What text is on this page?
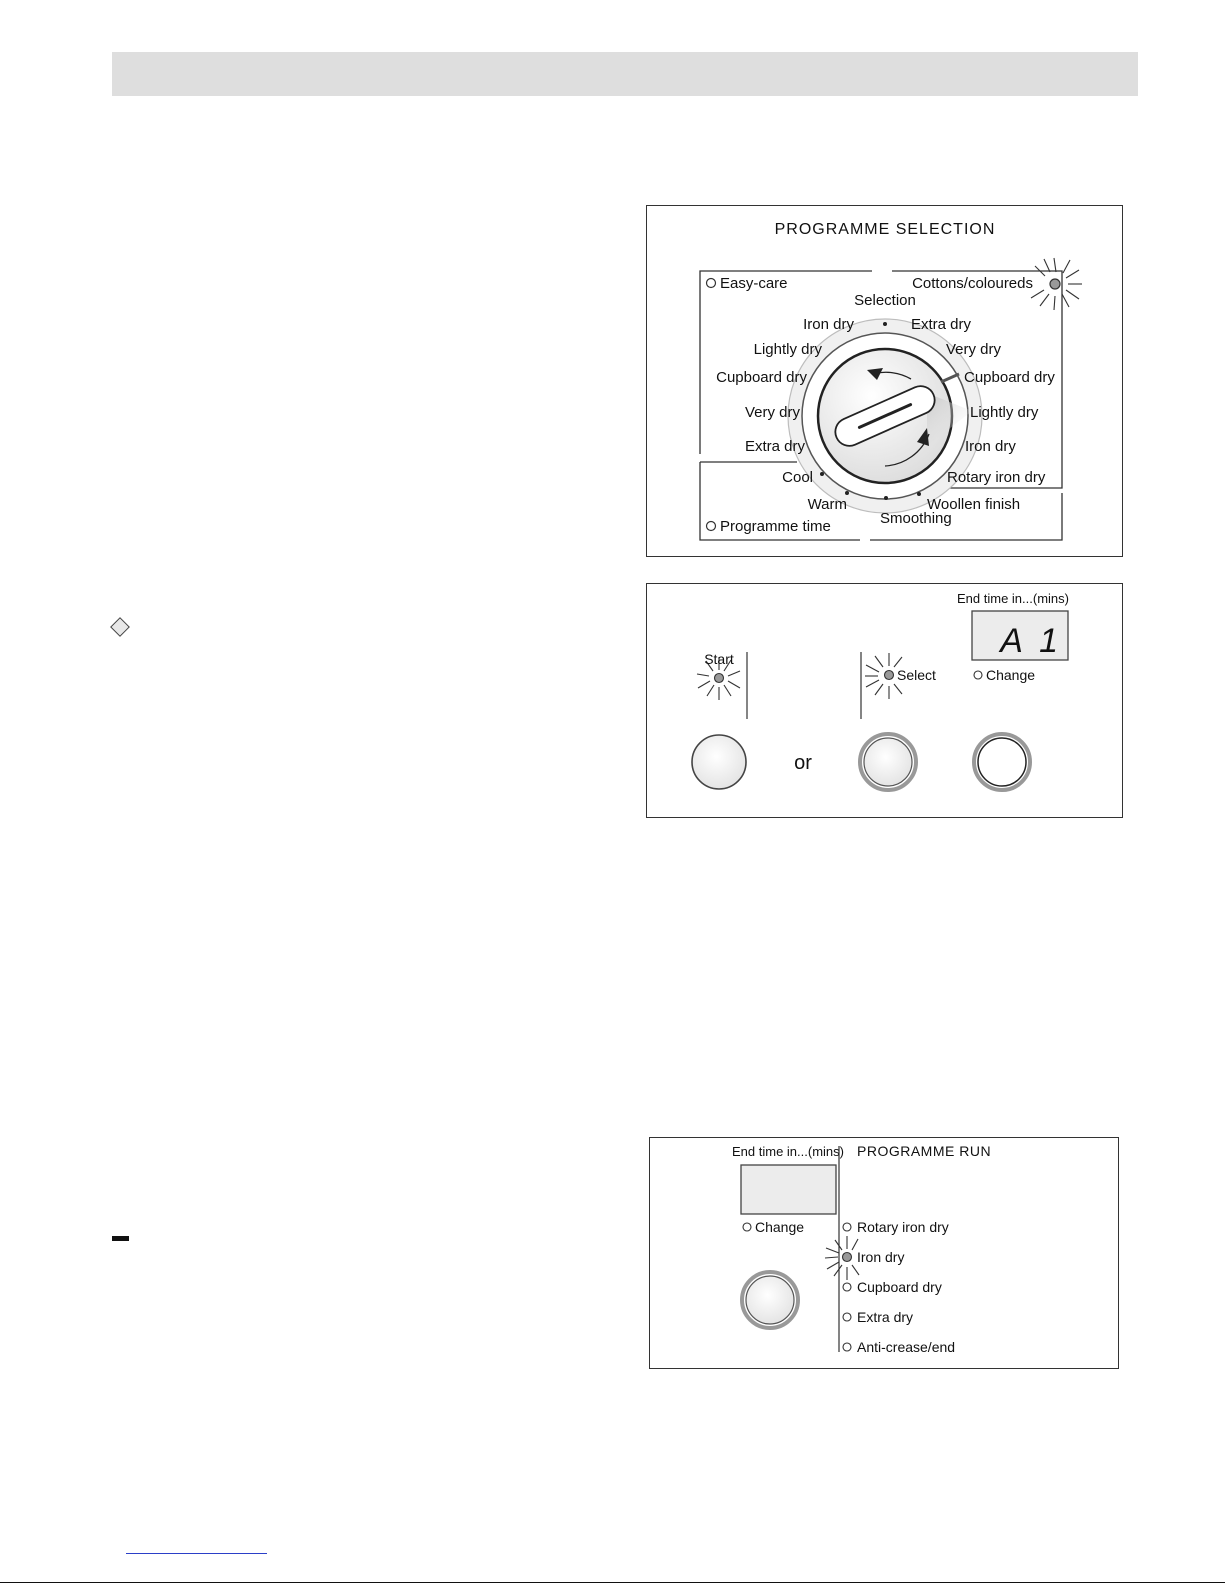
PROGRAMME SELECTION
Easy-care	Cottons/coloureds
Programme time
Selection
Iron dry
Lightly dry
Cupboard dry
Very dry
Extra dry
Extra dry
Very dry
Cupboard dry
Lightly dry
Iron dry
Rotary iron dry
Cool
Warm
Smoothing
Woollen finish
End time in...(mins)
A 1
Change
Start
Select
or
End time in...(mins)
Change
PROGRAMME RUN
Rotary iron dry
Iron dry
Cupboard dry
Extra dry
Anti-crease/end
